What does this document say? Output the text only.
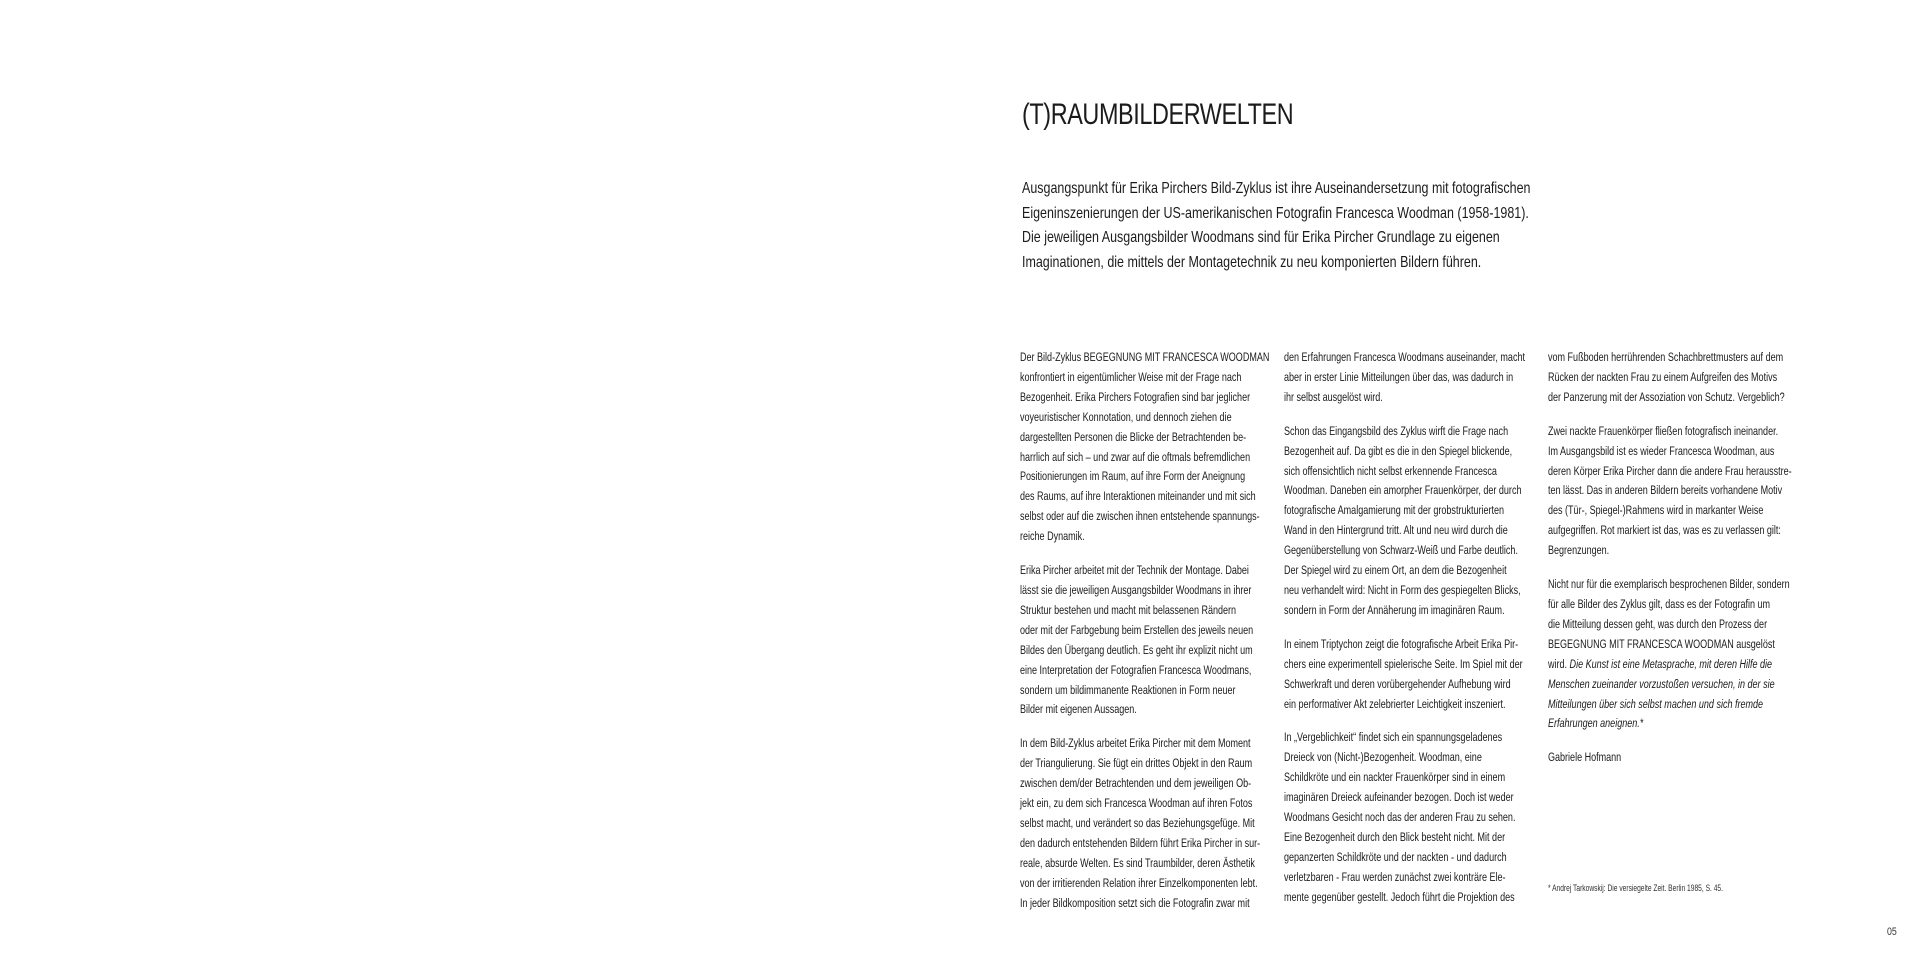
(T)RAUMBILDERWELTEN

Ausgangspunkt für Erika Pirchers Bild-Zyklus ist ihre Auseinandersetzung mit fotografischen

Eigeninszenierungen der US-amerikanischen Fotografin Francesca Woodman (1958-1981).

Die jeweiligen Ausgangsbilder Woodmans sind für Erika Pircher Grundlage zu eigenen

Imaginationen, die mittels der Montagetechnik zu neu komponierten Bildern führen.

Der Bild-Zyklus BEGEGNUNG MIT FRANCESCA WOODMAN
konfrontiert in eigentümlicher Weise mit der Frage nach
Bezogenheit. Erika Pirchers Fotografien sind bar jeglicher
voyeuristischer Konnotation, und dennoch ziehen die
dargestellten Personen die Blicke der Betrachtenden be-
harrlich auf sich – und zwar auf die oftmals befremdlichen
Positionierungen im Raum, auf ihre Form der Aneignung
des Raums, auf ihre Interaktionen miteinander und mit sich
selbst oder auf die zwischen ihnen entstehende spannungs-
reiche Dynamik.

Erika Pircher arbeitet mit der Technik der Montage. Dabei
lässt sie die jeweiligen Ausgangsbilder Woodmans in ihrer
Struktur bestehen und macht mit belassenen Rändern
oder mit der Farbgebung beim Erstellen des jeweils neuen
Bildes den Übergang deutlich. Es geht ihr explizit nicht um
eine Interpretation der Fotografien Francesca Woodmans,
sondern um bildimmanente Reaktionen in Form neuer
Bilder mit eigenen Aussagen.

In dem Bild-Zyklus arbeitet Erika Pircher mit dem Moment
der Triangulierung. Sie fügt ein drittes Objekt in den Raum
zwischen dem/der Betrachtenden und dem jeweiligen Ob-
jekt ein, zu dem sich Francesca Woodman auf ihren Fotos
selbst macht, und verändert so das Beziehungsgefüge. Mit
den dadurch entstehenden Bildern führt Erika Pircher in sur-
reale, absurde Welten. Es sind Traumbilder, deren Ästhetik
von der irritierenden Relation ihrer Einzelkomponenten lebt.
In jeder Bildkomposition setzt sich die Fotografin zwar mit

den Erfahrungen Francesca Woodmans auseinander, macht
aber in erster Linie Mitteilungen über das, was dadurch in
ihr selbst ausgelöst wird.

Schon das Eingangsbild des Zyklus wirft die Frage nach
Bezogenheit auf. Da gibt es die in den Spiegel blickende,
sich offensichtlich nicht selbst erkennende Francesca
Woodman. Daneben ein amorpher Frauenkörper, der durch
fotografische Amalgamierung mit der grobstrukturierten
Wand in den Hintergrund tritt. Alt und neu wird durch die
Gegenüberstellung von Schwarz-Weiß und Farbe deutlich.
Der Spiegel wird zu einem Ort, an dem die Bezogenheit
neu verhandelt wird: Nicht in Form des gespiegelten Blicks,
sondern in Form der Annäherung im imaginären Raum.

In einem Triptychon zeigt die fotografische Arbeit Erika Pir-
chers eine experimentell spielerische Seite. Im Spiel mit der
Schwerkraft und deren vorübergehender Aufhebung wird
ein performativer Akt zelebrierter Leichtigkeit inszeniert.

In „Vergeblichkeit“ findet sich ein spannungsgeladenes
Dreieck von (Nicht-)Bezogenheit. Woodman, eine
Schildkröte und ein nackter Frauenkörper sind in einem
imaginären Dreieck aufeinander bezogen. Doch ist weder
Woodmans Gesicht noch das der anderen Frau zu sehen.
Eine Bezogenheit durch den Blick besteht nicht. Mit der
gepanzerten Schildkröte und der nackten - und dadurch
verletzbaren - Frau werden zunächst zwei konträre Ele-
mente gegenüber gestellt. Jedoch führt die Projektion des

vom Fußboden herrührenden Schachbrettmusters auf dem
Rücken der nackten Frau zu einem Aufgreifen des Motivs
der Panzerung mit der Assoziation von Schutz. Vergeblich?

Zwei nackte Frauenkörper fließen fotografisch ineinander.
Im Ausgangsbild ist es wieder Francesca Woodman, aus
deren Körper Erika Pircher dann die andere Frau herausstre-
ten lässt. Das in anderen Bildern bereits vorhandene Motiv
des (Tür-, Spiegel-)Rahmens wird in markanter Weise
aufgegriffen. Rot markiert ist das, was es zu verlassen gilt:
Begrenzungen.

Nicht nur für die exemplarisch besprochenen Bilder, sondern
für alle Bilder des Zyklus gilt, dass es der Fotografin um
die Mitteilung dessen geht, was durch den Prozess der
BEGEGNUNG MIT FRANCESCA WOODMAN ausgelöst
wird. Die Kunst ist eine Metasprache, mit deren Hilfe die
Menschen zueinander vorzustoßen versuchen, in der sie
Mitteilungen über sich selbst machen und sich fremde
Erfahrungen aneignen.*

Gabriele Hofmann

* Andrej Tarkowskij: Die versiegelte Zeit. Berlin 1985, S. 45.
05
